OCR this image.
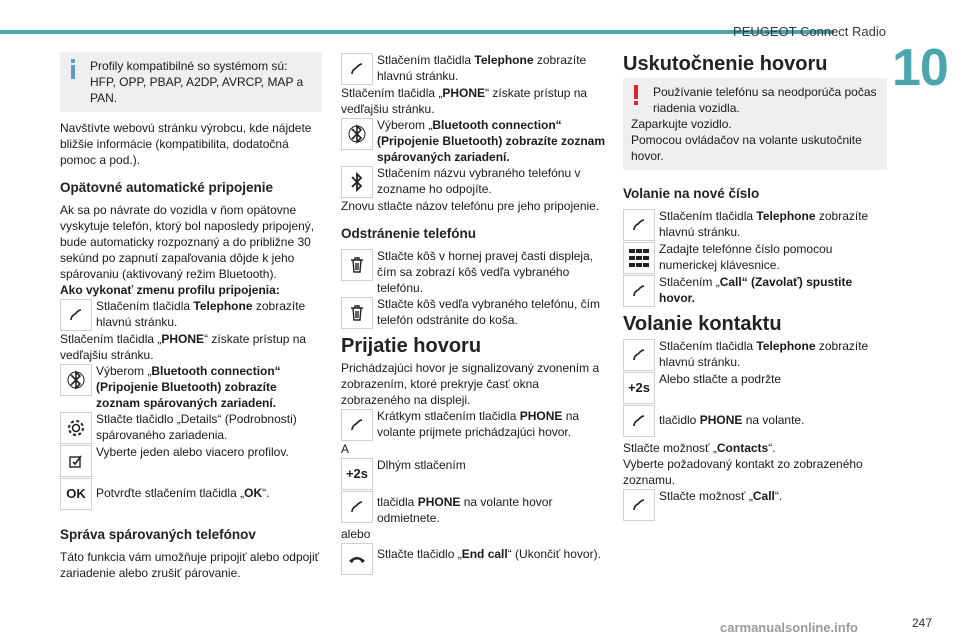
PEUGEOT Connect Radio
10
Profily kompatibilné so systémom sú: HFP, OPP, PBAP, A2DP, AVRCP, MAP a PAN.

Navštívte webovú stránku výrobcu, kde nájdete bližšie informácie (kompatibilita, dodatočná pomoc a pod.).

Opätovné automatické pripojenie

Ak sa po návrate do vozidla v ňom opätovne vyskytuje telefón, ktorý bol naposledy pripojený, bude automaticky rozpoznaný a do približne 30 sekúnd po zapnutí zapaľovania dôjde k jeho spárovaniu (aktivovaný režim Bluetooth).

Ako vykonať zmenu profilu pripojenia:

Stlačením tlačidla Telephone zobrazíte hlavnú stránku.

Stlačením tlačidla „PHONE“ získate prístup na vedľajšiu stránku.

Výberom „Bluetooth connection“ (Pripojenie Bluetooth) zobrazíte zoznam spárovaných zariadení.
Stlačte tlačidlo „Details“ (Podrobnosti) spárovaného zariadenia.
Vyberte jeden alebo viacero profilov.
OK Potvrďte stlačením tlačidla „OK“.
Správa spárovaných telefónov

Táto funkcia vám umožňuje pripojiť alebo odpojiť zariadenie alebo zrušiť párovanie.

Stlačením tlačidla Telephone zobrazíte hlavnú stránku.

Stlačením tlačidla „PHONE“ získate prístup na vedľajšiu stránku.

Výberom „Bluetooth connection“ (Pripojenie Bluetooth) zobrazíte zoznam spárovaných zariadení.
Stlačením názvu vybraného telefónu v zozname ho odpojíte.

Znovu stlačte názov telefónu pre jeho pripojenie.

Odstránenie telefónu
Stlačte kôš v hornej pravej časti displeja, čím sa zobrazí kôš vedľa vybraného telefónu.
Stlačte kôš vedľa vybraného telefónu, čím telefón odstránite do koša.
Prijatie hovoru

Prichádzajúci hovor je signalizovaný zvonením a zobrazením, ktoré prekryje časť okna zobrazeného na displeji.

Krátkym stlačením tlačidla PHONE na volante prijmete prichádzajúci hovor.

A

+2s
Dlhým stlačením
tlačidla PHONE na volante hovor odmietnete.

alebo

Stlačte tlačidlo „End call“ (Ukončiť hovor).
Uskutočnenie hovoru
Používanie telefónu sa neodporúča počas riadenia vozidla.
Zaparkujte vozidlo.
Pomocou ovládačov na volante uskutočnite hovor.
Volanie na nové číslo
Stlačením tlačidla Telephone zobrazíte hlavnú stránku.
Zadajte telefónne číslo pomocou numerickej klávesnice.
Stlačením „Call“ (Zavolať) spustite hovor.
Volanie kontaktu
Stlačením tlačidla Telephone zobrazíte hlavnú stránku.
+2s
Alebo stlačte a podržte
tlačidlo PHONE na volante.

Stlačte možnosť „Contacts“.

Vyberte požadovaný kontakt zo zobrazeného zoznamu.

Stlačte možnosť „Call“.
carmanualsonline.info	247
